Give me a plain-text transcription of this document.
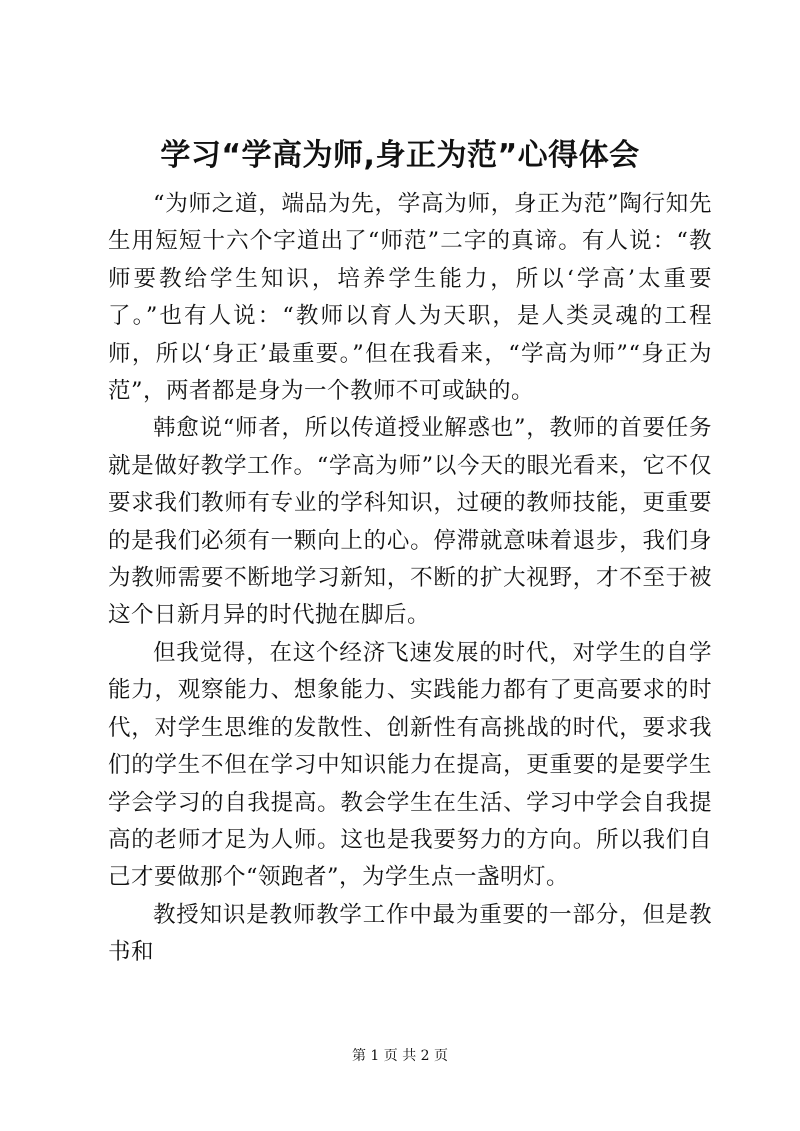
学习“学高为师,身正为范”心得体会

“为师之道，端品为先，学高为师，身正为范”陶行知先生用短短十六个字道出了“师范”二字的真谛。有人说：“教师要教给学生知识，培养学生能力，所以‘学高’太重要了。”也有人说：“教师以育人为天职，是人类灵魂的工程师，所以‘身正’最重要。”但在我看来，“学高为师”“身正为范”，两者都是身为一个教师不可或缺的。

韩愈说“师者，所以传道授业解惑也”，教师的首要任务就是做好教学工作。“学高为师”以今天的眼光看来，它不仅要求我们教师有专业的学科知识，过硬的教师技能，更重要的是我们必须有一颗向上的心。停滞就意味着退步，我们身为教师需要不断地学习新知，不断的扩大视野，才不至于被这个日新月异的时代抛在脚后。

但我觉得，在这个经济飞速发展的时代，对学生的自学能力，观察能力、想象能力、实践能力都有了更高要求的时代，对学生思维的发散性、创新性有高挑战的时代，要求我们的学生不但在学习中知识能力在提高，更重要的是要学生学会学习的自我提高。教会学生在生活、学习中学会自我提高的老师才足为人师。这也是我要努力的方向。所以我们自己才要做那个“领跑者”，为学生点一盏明灯。

教授知识是教师教学工作中最为重要的一部分，但是教书和

第 1 页 共 2 页
